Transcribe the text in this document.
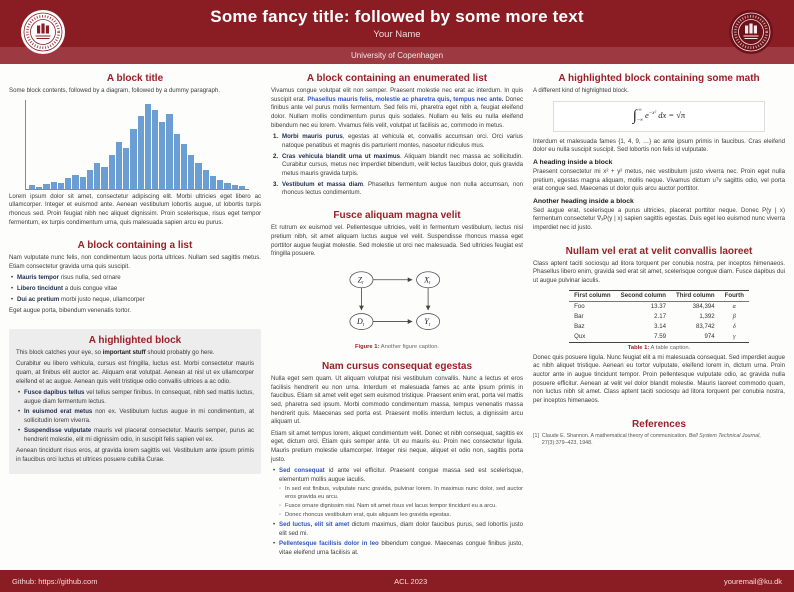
Some fancy title: followed by some more text
Your Name
University of Copenhagen
A block title

Some block contents, followed by a diagram, followed by a dummy paragraph.

Lorem ipsum dolor sit amet, consectetur adipiscing elit. Morbi ultricies eget libero ac ullamcorper. Integer et euismod ante. Aenean vestibulum lobortis augue, ut lobortis turpis rhoncus sed. Proin feugiat nibh nec aliquet dignissim. Proin scelerisque, risus eget tempor fermentum, ex turpis condimentum urna, quis malesuada sapien arcu eu purus.

A block containing a list

Nam vulputate nunc felis, non condimentum lacus porta ultrices. Nullam sed sagittis metus. Etiam consectetur gravida urna quis suscipit.

• Mauris tempor risus nulla, sed ornare
• Libero tincidunt a duis congue vitae
• Dui ac pretium morbi justo neque, ullamcorper

Eget augue porta, bibendum venenatis tortor.

A highlighted block

This block catches your eye, so important stuff should probably go here.

Curabitur eu libero vehicula, cursus est fringilla, luctus est. Morbi consectetur mauris quam, at finibus elit auctor ac. Aliquam erat volutpat. Aenean at nisl ut ex ullamcorper eleifend et ac augue. Aenean quis velit tristique odio convallis ultrices a ac odio.

• Fusce dapibus tellus vel tellus semper finibus. In consequat, nibh sed mattis luctus, augue diam fermentum lectus.
• In euismod erat metus non ex. Vestibulum luctus augue in mi condimentum, at sollicitudin lorem viverra.
• Suspendisse vulputate mauris vel placerat consectetur. Mauris semper, purus ac hendrerit molestie, elit mi dignissim odio, in suscipit felis sapien vel ex.

Aenean tincidunt risus eros, at gravida lorem sagittis vel. Vestibulum ante ipsum primis in faucibus orci luctus et ultrices posuere cubilia Curae.

A block containing an enumerated list

Vivamus congue volutpat elit non semper. Praesent molestie nec erat ac interdum. In quis suscipit erat. Phasellus mauris felis, molestie ac pharetra quis, tempus nec ante. Donec finibus ante vel purus mollis fermentum. Sed felis mi, pharetra eget nibh a, feugiat eleifend dolor. Nullam mollis condimentum purus quis sodales. Nullam eu felis eu nulla eleifend bibendum nec eu lorem. Vivamus felis velit, volutpat ut facilisis ac, commodo in metus.

Morbi mauris purus, egestas at vehicula et, convallis accumsan orci. Orci varius natoque penatibus et magnis dis parturient montes, nascetur ridiculus mus.
Cras vehicula blandit urna ut maximus. Aliquam blandit nec massa ac sollicitudin. Curabitur cursus, metus nec imperdiet bibendum, velit lectus faucibus dolor, quis gravida metus mauris gravida turpis.
Vestibulum et massa diam. Phasellus fermentum augue non nulla accumsan, non rhoncus lectus condimentum.
Fusce aliquam magna velit

Et rutrum ex euismod vel. Pellentesque ultricies, velit in fermentum vestibulum, lectus nisi pretium nibh, sit amet aliquam luctus augue vel velit. Suspendisse rhoncus massa eget porttitor augue feugiat molestie. Sed molestie ut orci nec malesuada. Sed ultricies feugiat est fringilla posuere.

$Z_t$	$X_t$
$D_t$	$Y_t$

Figure 1: Another figure caption.

Nam cursus consequat egestas

Nulla eget sem quam. Ut aliquam volutpat nisi vestibulum convallis. Nunc a lectus et eros facilisis hendrerit eu non urna. Interdum et malesuada fames ac ante ipsum primis in faucibus. Etiam sit amet velit eget sem euismod tristique. Praesent enim erat, porta vel mattis sed, pharetra sed ipsum. Morbi commodo condimentum massa, tempus venenatis massa hendrerit quis. Maecenas sed porta est. Praesent mollis interdum lectus, a dignissim arcu aliquam ut.

Etiam sit amet tempus lorem, aliquet condimentum velit. Donec et nibh consequat, sagittis ex eget, dictum orci. Etiam quis semper ante. Ut eu mauris eu. Proin nec consectetur ligula. Mauris pretium molestie ullamcorper. Integer nisi neque, aliquet et odio non, sagittis porta justo.

• Sed consequat id ante vel efficitur. Praesent congue massa sed est scelerisque, elementum mollis augue iaculis.
◦ In sed est finibus, vulputate nunc gravida, pulvinar lorem. In maximus nunc dolor, sed auctor eros gravida eu arcu.
◦ Fusce ornare dignissim nisi. Nam sit amet risus vel lacus tempor tincidunt eu a arcu.
◦ Donec rhoncus vestibulum erat, quis aliquam leo gravida egestas.
• Sed luctus, elit sit amet dictum maximus, diam dolor faucibus purus, sed lobortis justo elit sed mi.
• Pellentesque facilisis dolor in leo bibendum congue. Maecenas congue finibus justo, vitae eleifend urna facilisis at.
A highlighted block containing some math

A different kind of highlighted block.

∫ ∞
−∞
$e^{-x^2}$ dx = √π

Interdum et malesuada fames {1, 4, 9, …} ac ante ipsum primis in faucibus. Cras eleifend dolor eu nulla suscipit suscipit. Sed lobortis non felis id vulputate.

A heading inside a block

Praesent consectetur mi x² + y² metus, nec vestibulum justo viverra nec. Proin eget nulla pretium, egestas magna aliquam, mollis neque. Vivamus dictum uᵀv sagittis odio, vel porta erat congue sed. Maecenas ut dolor quis arcu auctor porttitor.

Another heading inside a block

Sed augue erat, scelerisque a purus ultricies, placerat porttitor neque. Donec P(y | x) fermentum consectetur ∇ₓP(y | x) sapien sagittis egestas. Duis eget leo euismod nunc viverra imperdiet nec id justo.

Nullam vel erat at velit convallis laoreet

Class aptent taciti sociosqu ad litora torquent per conubia nostra, per inceptos himenaeos. Phasellus libero enim, gravida sed erat sit amet, scelerisque congue diam. Fusce dapibus dui ut augue pulvinar iaculis.

First column	Second column	Third column	Fourth
Foo	13.37	384,394	α
Bar	2.17	1,392	β
Baz	3.14	83,742	δ
Qux	7.59	974	γ

Table 1: A table caption.

Donec quis posuere ligula. Nunc feugiat elit a mi malesuada consequat. Sed imperdiet augue ac nibh aliquet tristique. Aenean eu tortor vulputate, eleifend lorem in, dictum urna. Proin auctor ante in augue tincidunt tempor. Proin pellentesque vulputate odio, ac gravida nulla posuere efficitur. Aenean at velit vel dolor blandit molestie. Mauris laoreet commodo quam, non luctus nibh sit amet. Class aptent taciti sociosqu ad litora torquent per conubia nostra, per inceptos himenaeos.

References
[1] Claude E. Shannon. A mathematical theory of communication. Bell System Technical Journal, 27(3):379–423, 1948.
Github: https://github.com	ACL 2023	youremail@ku.dk
